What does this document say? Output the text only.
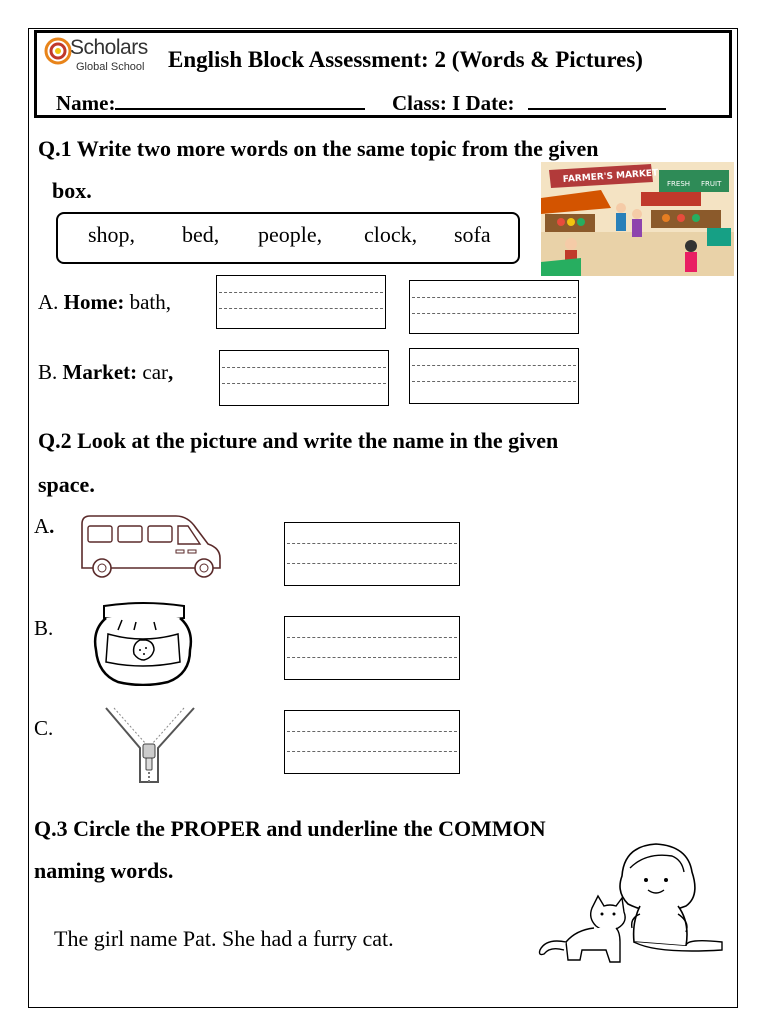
Scholars
Global School English Block Assessment: 2 (Words & Pictures)
Name:	Class: I Date:
Q.1 Write two more words on the same topic from the given
box.
shop, bed, people, clock, sofa
FARMER'S MARKET FRESH FRUIT
A. Home: bath,
B. Market: car,
Q.2 Look at the picture and write the name in the given
space.
A.
B.
C.
Q.3 Circle the PROPER and underline the COMMON
naming words.
The girl name Pat. She had a furry cat.
